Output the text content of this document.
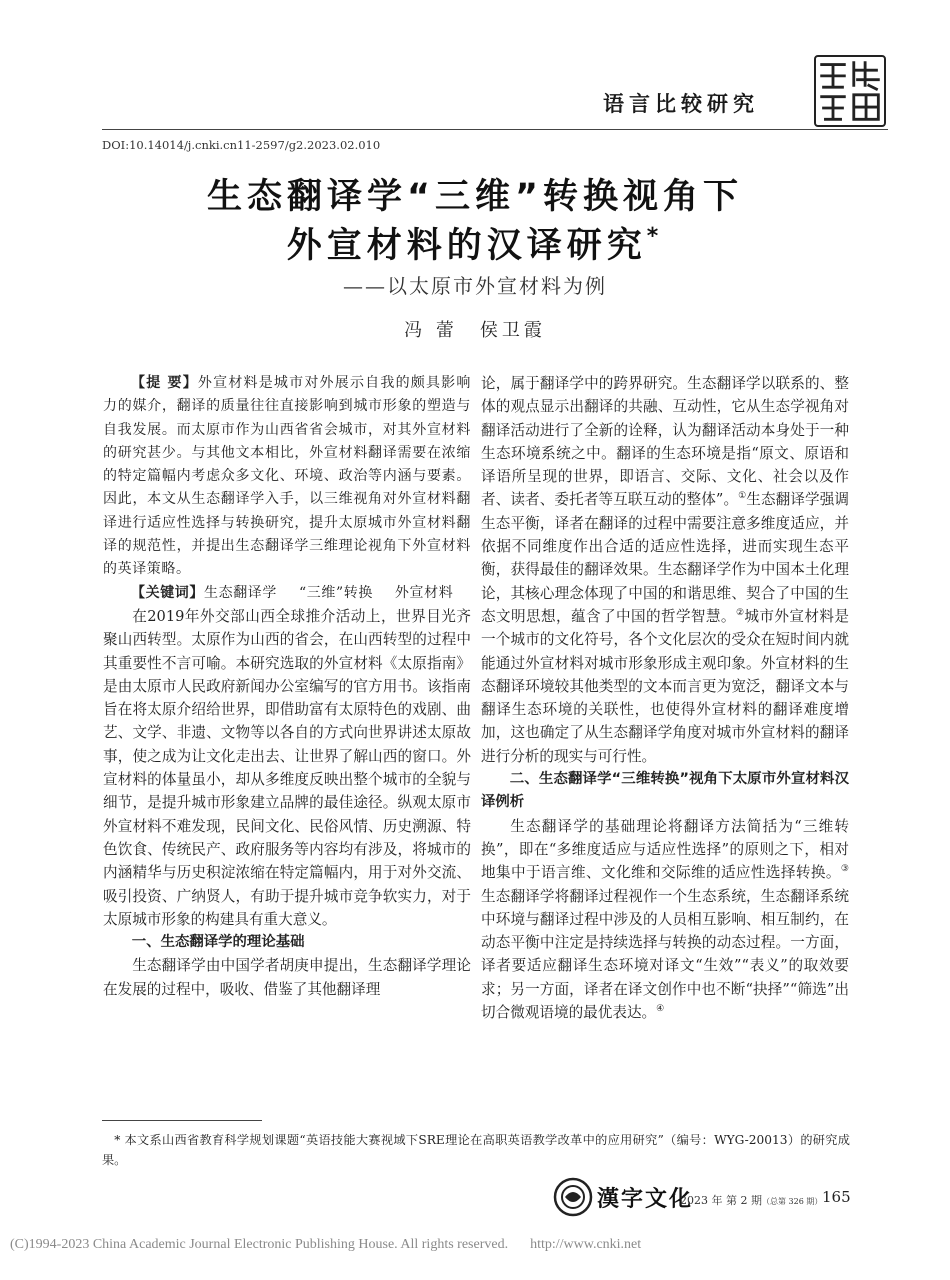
语言比较研究
DOI:10.14014/j.cnki.cn11-2597/g2.2023.02.010
生态翻译学“三维”转换视角下
外宣材料的汉译研究*
——以太原市外宣材料为例
冯 蕾 侯卫霞

【提 要】外宣材料是城市对外展示自我的颇具影响力的媒介，翻译的质量往往直接影响到城市形象的塑造与自我发展。而太原市作为山西省省会城市，对其外宣材料的研究甚少。与其他文本相比，外宣材料翻译需要在浓缩的特定篇幅内考虑众多文化、环境、政治等内涵与要素。因此，本文从生态翻译学入手，以三维视角对外宣材料翻译进行适应性选择与转换研究，提升太原城市外宣材料翻译的规范性，并提出生态翻译学三维理论视角下外宣材料的英译策略。

【关键词】生态翻译学 “三维”转换 外宣材料

在2019年外交部山西全球推介活动上，世界目光齐聚山西转型。太原作为山西的省会，在山西转型的过程中其重要性不言可喻。本研究选取的外宣材料《太原指南》是由太原市人民政府新闻办公室编写的官方用书。该指南旨在将太原介绍给世界，即借助富有太原特色的戏剧、曲艺、文学、非遗、文物等以各自的方式向世界讲述太原故事，使之成为让文化走出去、让世界了解山西的窗口。外宣材料的体量虽小，却从多维度反映出整个城市的全貌与细节，是提升城市形象建立品牌的最佳途径。纵观太原市外宣材料不难发现，民间文化、民俗风情、历史溯源、特色饮食、传统民产、政府服务等内容均有涉及，将城市的内涵精华与历史积淀浓缩在特定篇幅内，用于对外交流、吸引投资、广纳贤人，有助于提升城市竞争软实力，对于太原城市形象的构建具有重大意义。

一、生态翻译学的理论基础

生态翻译学由中国学者胡庚申提出，生态翻译学理论在发展的过程中，吸收、借鉴了其他翻译理

论，属于翻译学中的跨界研究。生态翻译学以联系的、整体的观点显示出翻译的共融、互动性，它从生态学视角对翻译活动进行了全新的诠释，认为翻译活动本身处于一种生态环境系统之中。翻译的生态环境是指“原文、原语和译语所呈现的世界，即语言、交际、文化、社会以及作者、读者、委托者等互联互动的整体”。①生态翻译学强调生态平衡，译者在翻译的过程中需要注意多维度适应，并依据不同维度作出合适的适应性选择，进而实现生态平衡，获得最佳的翻译效果。生态翻译学作为中国本土化理论，其核心理念体现了中国的和谐思维、契合了中国的生态文明思想，蕴含了中国的哲学智慧。②城市外宣材料是一个城市的文化符号，各个文化层次的受众在短时间内就能通过外宣材料对城市形象形成主观印象。外宣材料的生态翻译环境较其他类型的文本而言更为宽泛，翻译文本与翻译生态环境的关联性，也使得外宣材料的翻译难度增加，这也确定了从生态翻译学角度对城市外宣材料的翻译进行分析的现实与可行性。

二、生态翻译学“三维转换”视角下太原市外宣材料汉译例析

生态翻译学的基础理论将翻译方法简括为“三维转换”，即在“多维度适应与适应性选择”的原则之下，相对地集中于语言维、文化维和交际维的适应性选择转换。③生态翻译学将翻译过程视作一个生态系统，生态翻译系统中环境与翻译过程中涉及的人员相互影响、相互制约，在动态平衡中注定是持续选择与转换的动态过程。一方面，译者要适应翻译生态环境对译文“生效”“表义”的取效要求；另一方面，译者在译文创作中也不断“抉择”“筛选”出切合微观语境的最优表达。④

* 本文系山西省教育科学规划课题“英语技能大赛视域下SRE理论在高职英语教学改革中的应用研究”（编号：WYG-20013）的研究成果。
漢字文化
2023 年 第 2 期（总第 326 期） 165
(C)1994-2023 China Academic Journal Electronic Publishing House. All rights reserved. http://www.cnki.net
